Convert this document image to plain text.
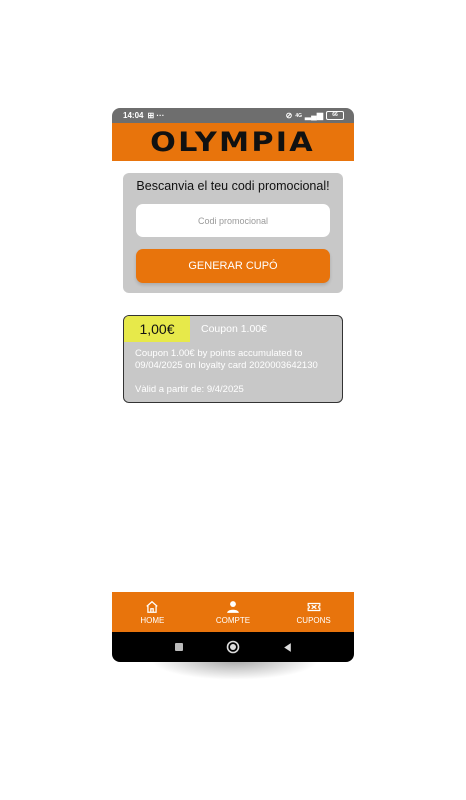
14:04 ⊞ ···	⊘ 4G ▂▄▆	66
OLYMPIA
Bescanvia el teu codi promocional!
Codi promocional
GENERAR CUPÓ
1,00€	Coupon 1.00€
Coupon 1.00€ by points accumulated to 09/04/2025 on loyalty card 2020003642130
Vàlid a partir de: 9/4/2025
HOME	COMPTE	CUPONS
